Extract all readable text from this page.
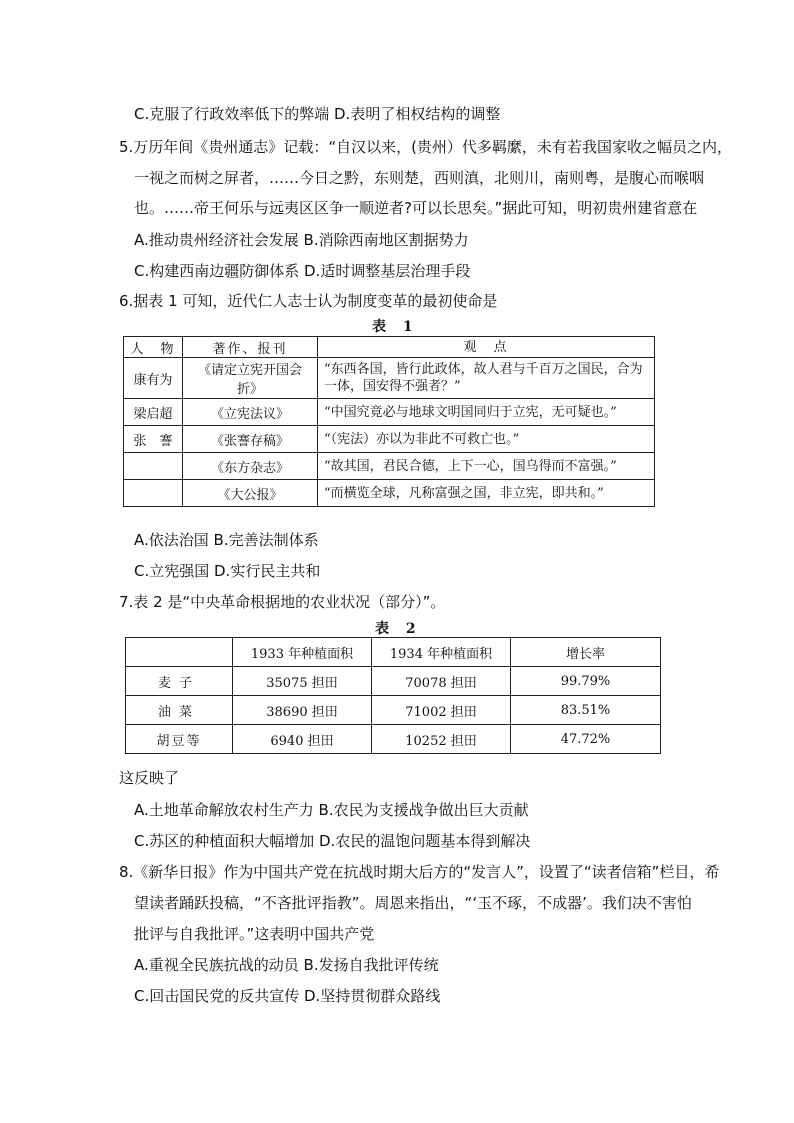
C.克服了行政效率低下的弊端 D.表明了相权结构的调整
5.万历年间《贵州通志》记载：“自汉以来，(贵州）代多羁縻，未有若我国家收之幅员之内，
一视之而树之屏者，……今日之黔，东则楚，西则滇，北则川，南则粤，是腹心而喉咽
也。……帝王何乐与远夷区区争一顺逆者?可以长思矣。”据此可知，明初贵州建省意在
A.推动贵州经济社会发展 B.消除西南地区割据势力
C.构建西南边疆防御体系 D.适时调整基层治理手段
6.据表 1 可知，近代仁人志士认为制度变革的最初使命是
表 1
人　物	著作、报刊	观　点
康有为	《请定立宪开国会折》	“东西各国，皆行此政体，故人君与千百万之国民，合为一体，国安得不强者？”
梁启超	《立宪法议》	“中国究竟必与地球文明国同归于立宪，无可疑也。”
张　謇	《张謇存稿》	“（宪法）亦以为非此不可救亡也。”
	《东方杂志》	“故其国，君民合德，上下一心，国乌得而不富强。”
	《大公报》	“而横览全球，凡称富强之国，非立宪，即共和。”
A.依法治国 B.完善法制体系
C.立宪强国 D.实行民主共和
7.表 2 是“中央革命根据地的农业状况（部分）”。
表 2
	1933 年种植面积	1934 年种植面积	增长率
麦子	35075 担田	70078 担田	99.79%
油菜	38690 担田	71002 担田	83.51%
胡豆等	6940 担田	10252 担田	47.72%
这反映了
A.土地革命解放农村生产力 B.农民为支援战争做出巨大贡献
C.苏区的种植面积大幅增加 D.农民的温饱问题基本得到解决
8.《新华日报》作为中国共产党在抗战时期大后方的“发言人”，设置了“读者信箱”栏目，希
望读者踊跃投稿，“不吝批评指教”。周恩来指出，“‘玉不琢，不成器’。我们决不害怕
批评与自我批评。”这表明中国共产党
A.重视全民族抗战的动员 B.发扬自我批评传统
C.回击国民党的反共宣传 D.坚持贯彻群众路线
